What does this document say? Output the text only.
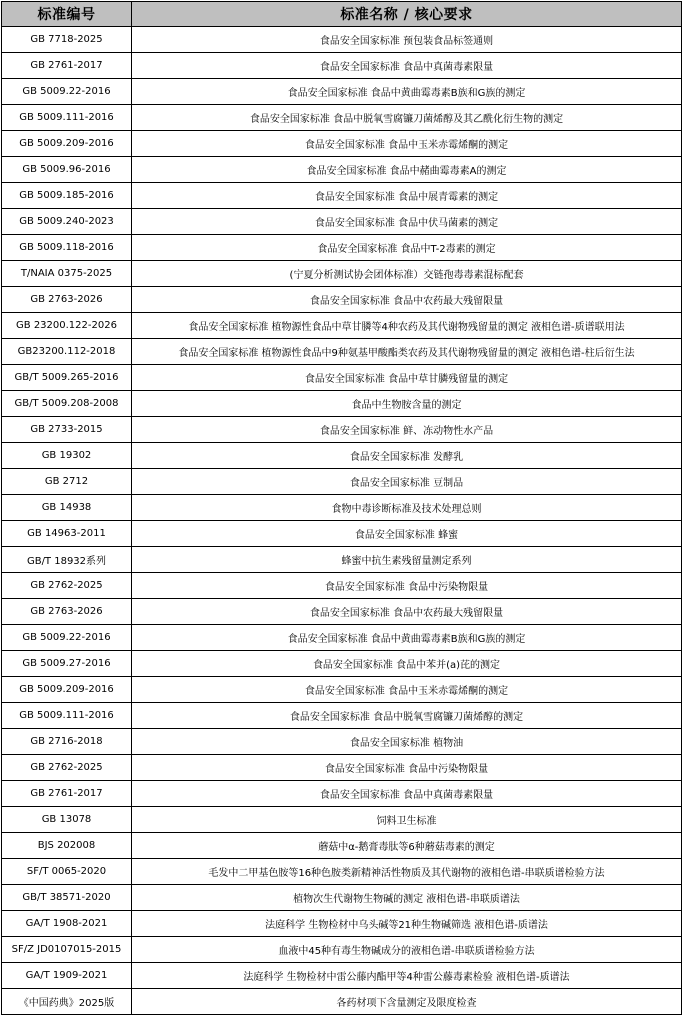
标准编号	标准名称 / 核心要求
GB 7718-2025	食品安全国家标准 预包装食品标签通则
GB 2761-2017	食品安全国家标准 食品中真菌毒素限量
GB 5009.22-2016	食品安全国家标准 食品中黄曲霉毒素B族和G族的测定
GB 5009.111-2016	食品安全国家标准 食品中脱氧雪腐镰刀菌烯醇及其乙酰化衍生物的测定
GB 5009.209-2016	食品安全国家标准 食品中玉米赤霉烯酮的测定
GB 5009.96-2016	食品安全国家标准 食品中赭曲霉毒素A的测定
GB 5009.185-2016	食品安全国家标准 食品中展青霉素的测定
GB 5009.240-2023	食品安全国家标准 食品中伏马菌素的测定
GB 5009.118-2016	食品安全国家标准 食品中T-2毒素的测定
T/NAIA 0375-2025	(宁夏分析测试协会团体标准）交链孢毒毒素混标配套
GB 2763-2026	食品安全国家标准 食品中农药最大残留限量
GB 23200.122-2026	食品安全国家标准 植物源性食品中草甘膦等4种农药及其代谢物残留量的测定 液相色谱-质谱联用法
GB23200.112-2018	食品安全国家标准 植物源性食品中9种氨基甲酸酯类农药及其代谢物残留量的测定 液相色谱-柱后衍生法
GB/T 5009.265-2016	食品安全国家标准 食品中草甘膦残留量的测定
GB/T 5009.208-2008	食品中生物胺含量的测定
GB 2733-2015	食品安全国家标准 鲜、冻动物性水产品
GB 19302	食品安全国家标准 发酵乳
GB 2712	食品安全国家标准 豆制品
GB 14938	食物中毒诊断标准及技术处理总则
GB 14963-2011	食品安全国家标准 蜂蜜
GB/T 18932系列	蜂蜜中抗生素残留量测定系列
GB 2762-2025	食品安全国家标准 食品中污染物限量
GB 2763-2026	食品安全国家标准 食品中农药最大残留限量
GB 5009.22-2016	食品安全国家标准 食品中黄曲霉毒素B族和G族的测定
GB 5009.27-2016	食品安全国家标准 食品中苯并(a)芘的测定
GB 5009.209-2016	食品安全国家标准 食品中玉米赤霉烯酮的测定
GB 5009.111-2016	食品安全国家标准 食品中脱氧雪腐镰刀菌烯醇的测定
GB 2716-2018	食品安全国家标准 植物油
GB 2762-2025	食品安全国家标准 食品中污染物限量
GB 2761-2017	食品安全国家标准 食品中真菌毒素限量
GB 13078	饲料卫生标准
BJS 202008	蘑菇中α-鹅膏毒肽等6种蘑菇毒素的测定
SF/T 0065-2020	毛发中二甲基色胺等16种色胺类新精神活性物质及其代谢物的液相色谱-串联质谱检验方法
GB/T 38571-2020	植物次生代谢物生物碱的测定 液相色谱-串联质谱法
GA/T 1908-2021	法庭科学 生物检材中乌头碱等21种生物碱筛选 液相色谱-质谱法
SF/Z JD0107015-2015	血液中45种有毒生物碱成分的液相色谱-串联质谱检验方法
GA/T 1909-2021	法庭科学 生物检材中雷公藤内酯甲等4种雷公藤毒素检验 液相色谱-质谱法
《中国药典》2025版	各药材项下含量测定及限度检查
